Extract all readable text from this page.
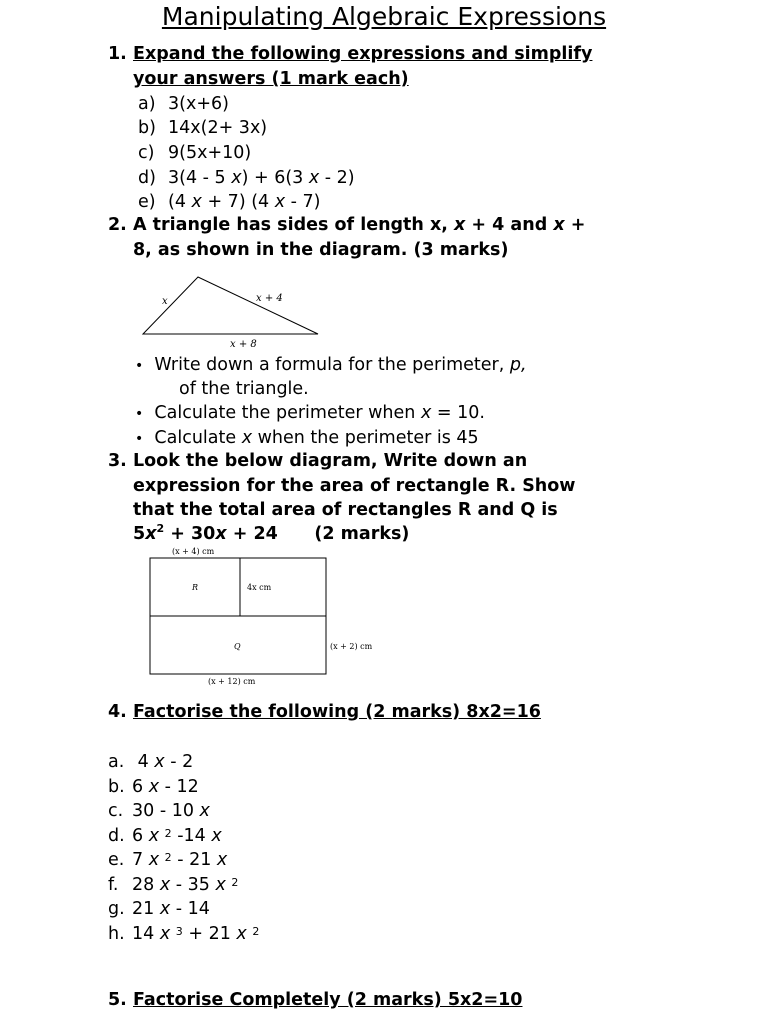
Manipulating Algebraic Expressions
1. Expand the following expressions and simplify
your answers (1 mark each)
a) 3(x+6)
b) 14x(2+ 3x)
c) 9(5x+10)
d) 3(4 - 5 x) + 6(3 x - 2)
e) (4 x + 7) (4 x - 7)
2. A triangle has sides of length x, x + 4 and x +
8, as shown in the diagram. (3 marks)
x	x + 4
x + 8
•  Write down a formula for the perimeter, p,
of the triangle.
•  Calculate the perimeter when x = 10.
•  Calculate x when the perimeter is 45
3. Look the below diagram, Write down an
expression for the area of rectangle R. Show
that the total area of rectangles R and Q is
$5x^2 + 30x + 24$      (2 marks)
(x + 4) cm
R	4x cm
Q	(x + 2) cm
(x + 12) cm
4. Factorise the following (2 marks) 8x2=16
a. 4 x - 2
b. 6 x - 12
c. 30 - 10 x
d. 6 x $^2$ -14 x
e. 7 x $^2$ - 21 x
f. 28 x - 35 x $^2$
g. 21 x - 14
h. 14 x $^3$ + 21 x $^2$
5. Factorise Completely (2 marks) 5x2=10
